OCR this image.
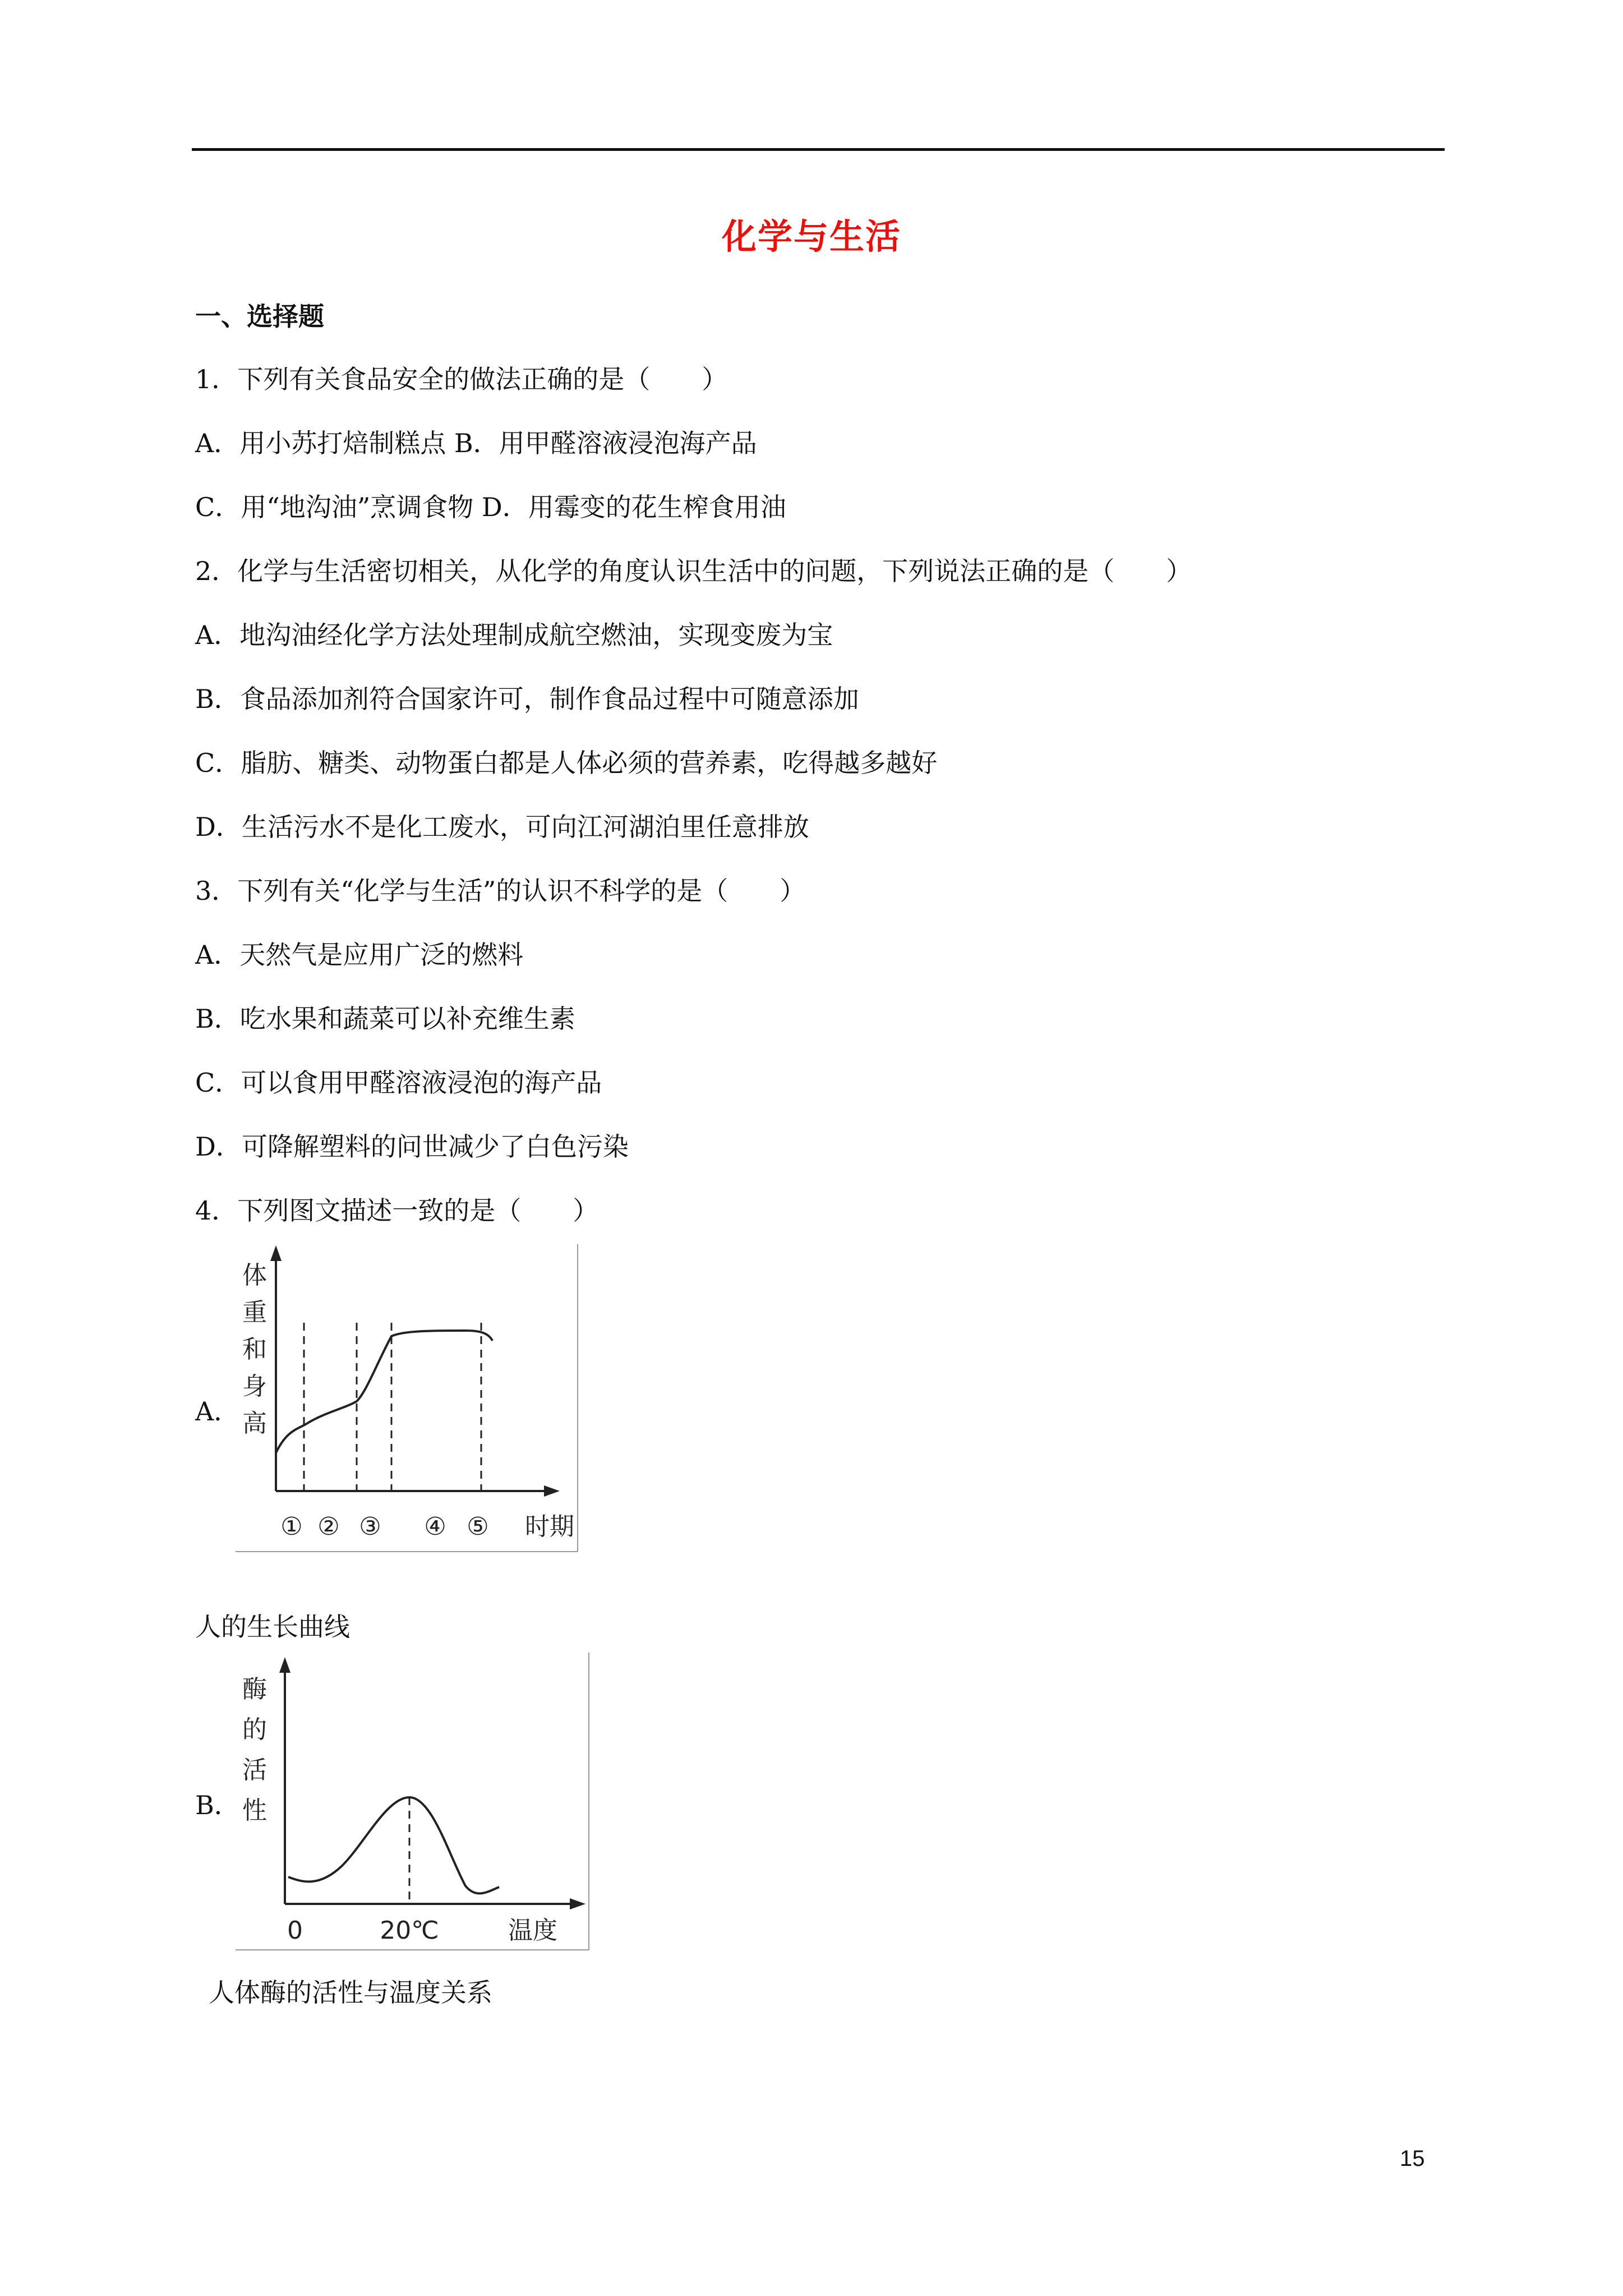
化学与生活
一、选择题
1．下列有关食品安全的做法正确的是（　　）
A．用小苏打焙制糕点 B．用甲醛溶液浸泡海产品
C．用“地沟油”烹调食物 D．用霉变的花生榨食用油
2．化学与生活密切相关，从化学的角度认识生活中的问题，下列说法正确的是（　　）
A．地沟油经化学方法处理制成航空燃油，实现变废为宝
B．食品添加剂符合国家许可，制作食品过程中可随意添加
C．脂肪、糖类、动物蛋白都是人体必须的营养素，吃得越多越好
D．生活污水不是化工废水，可向江河湖泊里任意排放
3．下列有关“化学与生活”的认识不科学的是（　　）
A．天然气是应用广泛的燃料
B．吃水果和蔬菜可以补充维生素
C．可以食用甲醛溶液浸泡的海产品
D．可降解塑料的问世减少了白色污染
4．下列图文描述一致的是（　　）
A．
体
重
和
身
高
① ② ③ ④ ⑤ 时期
人的生长曲线
B．
酶
的
活
性
0	20℃	温度
人体酶的活性与温度关系
15
